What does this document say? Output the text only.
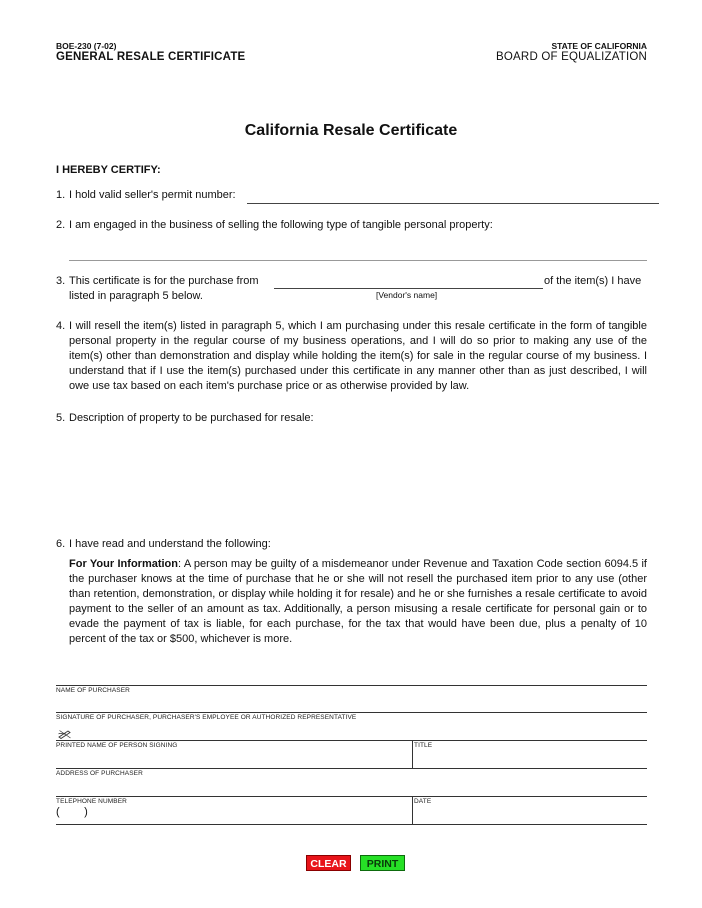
BOE-230 (7-02)
GENERAL RESALE CERTIFICATE
STATE OF CALIFORNIA
BOARD OF EQUALIZATION
California Resale Certificate
I HEREBY CERTIFY:
1. I hold valid seller's permit number:
2. I am engaged in the business of selling the following type of tangible personal property:
3. This certificate is for the purchase from	of the item(s) I have
listed in paragraph 5 below.	[Vendor's name]
4. I will resell the item(s) listed in paragraph 5, which I am purchasing under this resale certificate in the form of tangible personal property in the regular course of my business operations, and I will do so prior to making any use of the item(s) other than demonstration and display while holding the item(s) for sale in the regular course of my business. I understand that if I use the item(s) purchased under this certificate in any manner other than as just described, I will owe use tax based on each item's purchase price or as otherwise provided by law.
5. Description of property to be purchased for resale:
6. I have read and understand the following:
For Your Information: A person may be guilty of a misdemeanor under Revenue and Taxation Code section 6094.5 if the purchaser knows at the time of purchase that he or she will not resell the purchased item prior to any use (other than retention, demonstration, or display while holding it for resale) and he or she furnishes a resale certificate to avoid payment to the seller of an amount as tax. Additionally, a person misusing a resale certificate for personal gain or to evade the payment of tax is liable, for each purchase, for the tax that would have been due, plus a penalty of 10 percent of the tax or $500, whichever is more.
NAME OF PURCHASER
SIGNATURE OF PURCHASER, PURCHASER'S EMPLOYEE OR AUTHORIZED REPRESENTATIVE
PRINTED NAME OF PERSON SIGNING	TITLE
ADDRESS OF PURCHASER
TELEPHONE NUMBER	DATE
(        )
CLEAR	PRINT
